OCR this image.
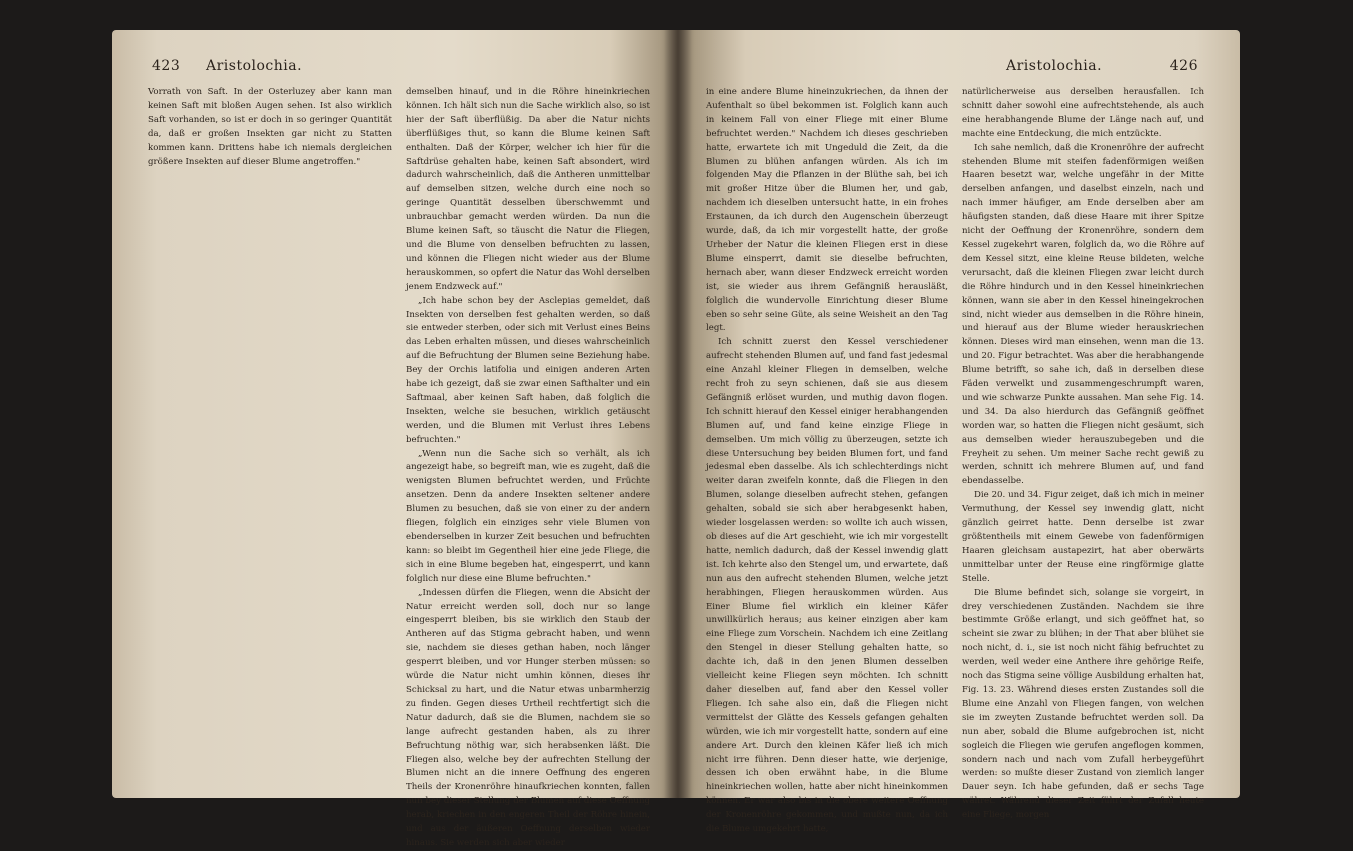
423 Aristolochia.

Vorrath von Saft. In der Osterluzey aber kann man keinen Saft mit bloßen Augen sehen. Ist also wirklich Saft vorhanden, so ist er doch in so geringer Quantität da, daß er großen Insekten gar nicht zu Statten kommen kann. Drittens habe ich niemals dergleichen größere Insekten auf dieser Blume angetroffen."

demselben hinauf, und in die Röhre hineinkriechen können. Ich hält sich nun die Sache wirklich also, so ist hier der Saft überflüßig. Da aber die Natur nichts überflüßiges thut, so kann die Blume keinen Saft enthalten. Daß der Körper, welcher ich hier für die Saftdrüse gehalten habe, keinen Saft absondert, wird dadurch wahrscheinlich, daß die Antheren unmittelbar auf demselben sitzen, welche durch eine noch so geringe Quantität desselben überschwemmt und unbrauchbar gemacht werden würden. Da nun die Blume keinen Saft, so täuscht die Natur die Fliegen, und die Blume von denselben befruchten zu lassen, und können die Fliegen nicht wieder aus der Blume herauskommen, so opfert die Natur das Wohl derselben jenem Endzweck auf."

„Ich habe schon bey der Asclepias gemeldet, daß Insekten von derselben fest gehalten werden, so daß sie entweder sterben, oder sich mit Verlust eines Beins das Leben erhalten müssen, und dieses wahrscheinlich auf die Befruchtung der Blumen seine Beziehung habe. Bey der Orchis latifolia und einigen anderen Arten habe ich gezeigt, daß sie zwar einen Safthalter und ein Saftmaal, aber keinen Saft haben, daß folglich die Insekten, welche sie besuchen, wirklich getäuscht werden, und die Blumen mit Verlust ihres Lebens befruchten."

„Wenn nun die Sache sich so verhält, als ich angezeigt habe, so begreift man, wie es zugeht, daß die wenigsten Blumen befruchtet werden, und Früchte ansetzen. Denn da andere Insekten seltener andere Blumen zu besuchen, daß sie von einer zu der andern fliegen, folglich ein einziges sehr viele Blumen von ebenderselben in kurzer Zeit besuchen und befruchten kann: so bleibt im Gegentheil hier eine jede Fliege, die sich in eine Blume begeben hat, eingesperrt, und kann folglich nur diese eine Blume befruchten."

„Indessen dürfen die Fliegen, wenn die Absicht der Natur erreicht werden soll, doch nur so lange eingesperrt bleiben, bis sie wirklich den Staub der Antheren auf das Stigma gebracht haben, und wenn sie, nachdem sie dieses gethan haben, noch länger gesperrt bleiben, und vor Hunger sterben müssen: so würde die Natur nicht umhin können, dieses ihr Schicksal zu hart, und die Natur etwas unbarmherzig zu finden. Gegen dieses Urtheil rechtfertigt sich die Natur dadurch, daß sie die Blumen, nachdem sie so lange aufrecht gestanden haben, als zu ihrer Befruchtung nöthig war, sich herabsenken läßt. Die Fliegen also, welche bey der aufrechten Stellung der Blumen nicht an die innere Oeffnung des engeren Theils der Kronenröhre hinaufkriechen konnten, fallen nun bey dieser Stellung der Blumen auf diese Oeffnung herab, kriechen in den engeren Theil der Röhre hinein, und aus der äußeren Oeffnung derselben wieder hinaus. Sie werden sich aber wieder

Aristolochia.	426

in eine andere Blume hineinzukriechen, da ihnen der Aufenthalt so übel bekommen ist. Folglich kann auch in keinem Fall von einer Fliege mit einer Blume befruchtet werden." Nachdem ich dieses geschrieben hatte, erwartete ich mit Ungeduld die Zeit, da die Blumen zu blühen anfangen würden. Als ich im folgenden May die Pflanzen in der Blüthe sah, bei ich mit großer Hitze über die Blumen her, und gab, nachdem ich dieselben untersucht hatte, in ein frohes Erstaunen, da ich durch den Augenschein überzeugt wurde, daß, da ich mir vorgestellt hatte, der große Urheber der Natur die kleinen Fliegen erst in diese Blume einsperrt, damit sie dieselbe befruchten, hernach aber, wann dieser Endzweck erreicht worden ist, sie wieder aus ihrem Gefängniß herausläßt, folglich die wundervolle Einrichtung dieser Blume eben so sehr seine Güte, als seine Weisheit an den Tag legt.

Ich schnitt zuerst den Kessel verschiedener aufrecht stehenden Blumen auf, und fand fast jedesmal eine Anzahl kleiner Fliegen in demselben, welche recht froh zu seyn schienen, daß sie aus diesem Gefängniß erlöset wurden, und muthig davon flogen. Ich schnitt hierauf den Kessel einiger herabhangenden Blumen auf, und fand keine einzige Fliege in demselben. Um mich völlig zu überzeugen, setzte ich diese Untersuchung bey beiden Blumen fort, und fand jedesmal eben dasselbe. Als ich schlechterdings nicht weiter daran zweifeln konnte, daß die Fliegen in den Blumen, solange dieselben aufrecht stehen, gefangen gehalten, sobald sie sich aber herabgesenkt haben, wieder losgelassen werden: so wollte ich auch wissen, ob dieses auf die Art geschieht, wie ich mir vorgestellt hatte, nemlich dadurch, daß der Kessel inwendig glatt ist. Ich kehrte also den Stengel um, und erwartete, daß nun aus den aufrecht stehenden Blumen, welche jetzt herabhingen, Fliegen herauskommen würden. Aus Einer Blume fiel wirklich ein kleiner Käfer unwillkürlich heraus; aus keiner einzigen aber kam eine Fliege zum Vorschein. Nachdem ich eine Zeitlang den Stengel in dieser Stellung gehalten hatte, so dachte ich, daß in den jenen Blumen desselben vielleicht keine Fliegen seyn möchten. Ich schnitt daher dieselben auf, fand aber den Kessel voller Fliegen. Ich sahe also ein, daß die Fliegen nicht vermittelst der Glätte des Kessels gefangen gehalten würden, wie ich mir vorgestellt hatte, sondern auf eine andere Art. Durch den kleinen Käfer ließ ich mich nicht irre führen. Denn dieser hatte, wie derjenige, dessen ich oben erwähnt habe, in die Blume hineinkriechen wollen, hatte aber nicht hineinkommen können. Er war also bis in die obere weitere Oeffnung der Kronenröhre gekommen, und mußte nun, da ich die Blume umgekehrt hatte,

natürlicherweise aus derselben herausfallen. Ich schnitt daher sowohl eine aufrechtstehende, als auch eine herabhangende Blume der Länge nach auf, und machte eine Entdeckung, die mich entzückte.

Ich sahe nemlich, daß die Kronenröhre der aufrecht stehenden Blume mit steifen fadenförmigen weißen Haaren besetzt war, welche ungefähr in der Mitte derselben anfangen, und daselbst einzeln, nach und nach immer häufiger, am Ende derselben aber am häufigsten standen, daß diese Haare mit ihrer Spitze nicht der Oeffnung der Kronenröhre, sondern dem Kessel zugekehrt waren, folglich da, wo die Röhre auf dem Kessel sitzt, eine kleine Reuse bildeten, welche verursacht, daß die kleinen Fliegen zwar leicht durch die Röhre hindurch und in den Kessel hineinkriechen können, wann sie aber in den Kessel hineingekrochen sind, nicht wieder aus demselben in die Röhre hinein, und hierauf aus der Blume wieder herauskriechen können. Dieses wird man einsehen, wenn man die 13. und 20. Figur betrachtet. Was aber die herabhangende Blume betrifft, so sahe ich, daß in derselben diese Fäden verwelkt und zusammengeschrumpft waren, und wie schwarze Punkte aussahen. Man sehe Fig. 14. und 34. Da also hierdurch das Gefängniß geöffnet worden war, so hatten die Fliegen nicht gesäumt, sich aus demselben wieder herauszubegeben und die Freyheit zu sehen. Um meiner Sache recht gewiß zu werden, schnitt ich mehrere Blumen auf, und fand ebendasselbe.

Die 20. und 34. Figur zeiget, daß ich mich in meiner Vermuthung, der Kessel sey inwendig glatt, nicht gänzlich geirret hatte. Denn derselbe ist zwar größtentheils mit einem Gewebe von fadenförmigen Haaren gleichsam austapezirt, hat aber oberwärts unmittelbar unter der Reuse eine ringförmige glatte Stelle.

Die Blume befindet sich, solange sie vorgeirt, in drey verschiedenen Zuständen. Nachdem sie ihre bestimmte Größe erlangt, und sich geöffnet hat, so scheint sie zwar zu blühen; in der That aber blühet sie noch nicht, d. i., sie ist noch nicht fähig befruchtet zu werden, weil weder eine Anthere ihre gehörige Reife, noch das Stigma seine völlige Ausbildung erhalten hat, Fig. 13. 23. Während dieses ersten Zustandes soll die Blume eine Anzahl von Fliegen fangen, von welchen sie im zweyten Zustande befruchtet werden soll. Da nun aber, sobald die Blume aufgebrochen ist, nicht sogleich die Fliegen wie gerufen angeflogen kommen, sondern nach und nach vom Zufall herbeygeführt werden: so mußte dieser Zustand von ziemlich langer Dauer seyn. Ich habe gefunden, daß er sechs Tage währet. Während dieser Zeit führt der Zufall heute eine Fliege, morgen
